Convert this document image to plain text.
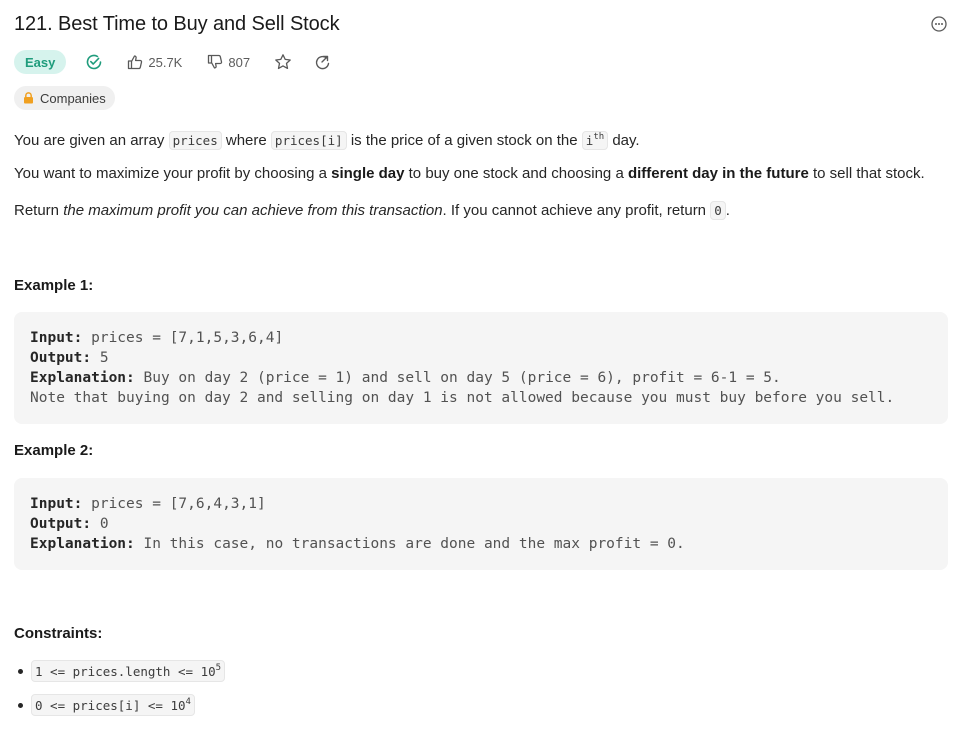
121. Best Time to Buy and Sell Stock
Easy	25.7K	807
Companies
You are given an array prices where prices[i] is the price of a given stock on the $i^{th}$ day.
You want to maximize your profit by choosing a single day to buy one stock and choosing a different day in the future to sell that stock.
Return the maximum profit you can achieve from this transaction. If you cannot achieve any profit, return 0 .
Example 1:
Input: prices = [7,1,5,3,6,4]
Output: 5
Explanation: Buy on day 2 (price = 1) and sell on day 5 (price = 6), profit = 6-1 = 5.
Note that buying on day 2 and selling on day 1 is not allowed because you must buy before you sell.
Example 2:
Input: prices = [7,6,4,3,1]
Output: 0
Explanation: In this case, no transactions are done and the max profit = 0.
Constraints:
1 <= prices.length <= $10^5$
0 <= prices[i] <= $10^4$
